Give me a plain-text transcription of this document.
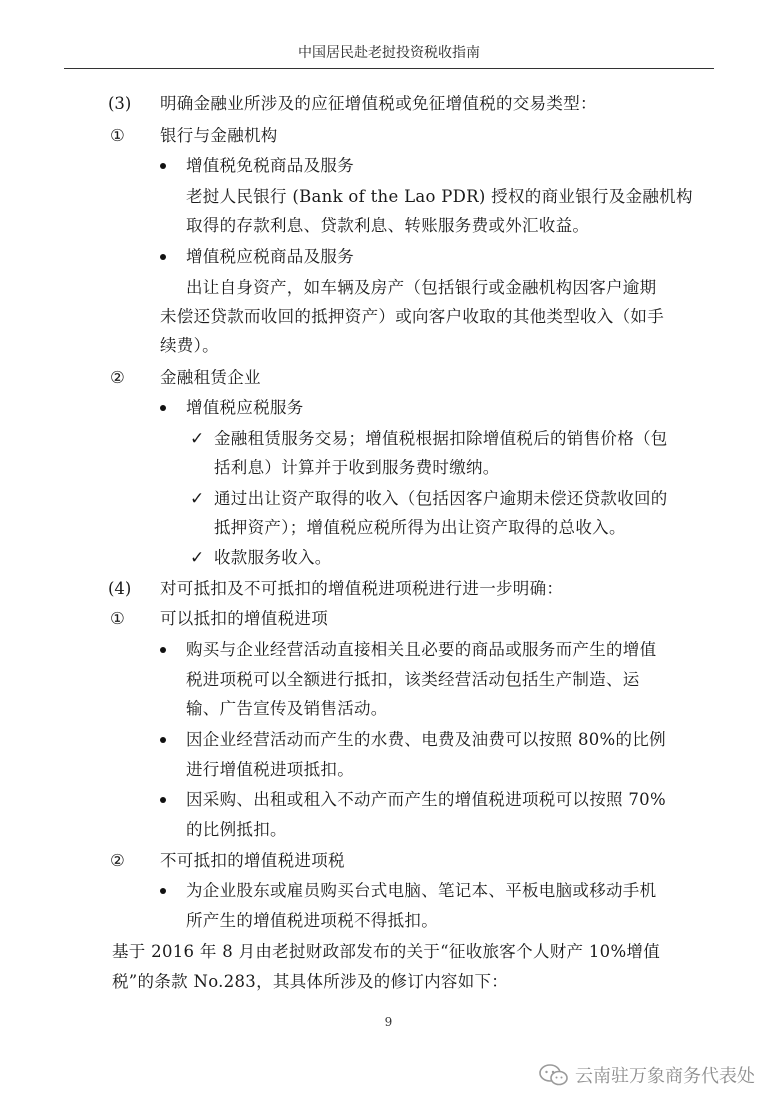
中国居民赴老挝投资税收指南
(3) 明确金融业所涉及的应征增值税或免征增值税的交易类型：
① 银行与金融机构
增值税免税商品及服务
老挝人民银行 (Bank of the Lao PDR) 授权的商业银行及金融机构
取得的存款利息、贷款利息、转账服务费或外汇收益。
增值税应税商品及服务
出让自身资产，如车辆及房产（包括银行或金融机构因客户逾期
未偿还贷款而收回的抵押资产）或向客户收取的其他类型收入（如手
续费）。
② 金融租赁企业
增值税应税服务
✓ 金融租赁服务交易；增值税根据扣除增值税后的销售价格（包
括利息）计算并于收到服务费时缴纳。
✓ 通过出让资产取得的收入（包括因客户逾期未偿还贷款收回的
抵押资产）；增值税应税所得为出让资产取得的总收入。
✓ 收款服务收入。
(4) 对可抵扣及不可抵扣的增值税进项税进行进一步明确：
① 可以抵扣的增值税进项
购买与企业经营活动直接相关且必要的商品或服务而产生的增值
税进项税可以全额进行抵扣，该类经营活动包括生产制造、运
输、广告宣传及销售活动。
因企业经营活动而产生的水费、电费及油费可以按照 80%的比例
进行增值税进项抵扣。
因采购、出租或租入不动产而产生的增值税进项税可以按照 70%
的比例抵扣。
② 不可抵扣的增值税进项税
为企业股东或雇员购买台式电脑、笔记本、平板电脑或移动手机
所产生的增值税进项税不得抵扣。
基于 2016 年 8 月由老挝财政部发布的关于“征收旅客个人财产 10%增值
税”的条款 No.283，其具体所涉及的修订内容如下：
9
云南驻万象商务代表处
